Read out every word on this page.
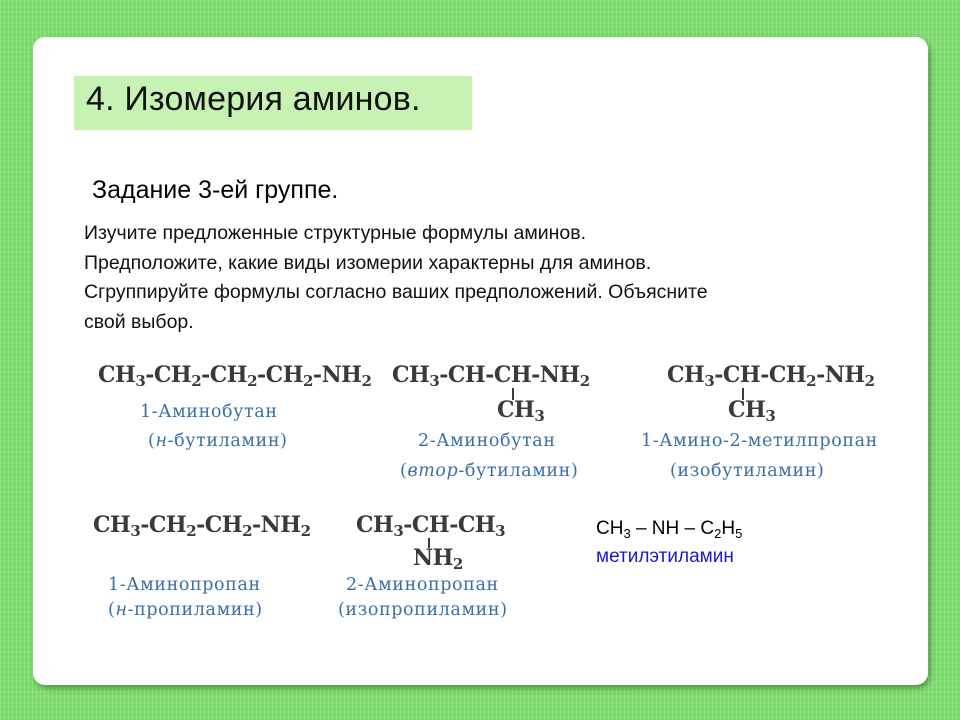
4. Изомерия аминов.
Задание 3-ей группе.
Изучите предложенные структурные формулы аминов.
Предположите, какие виды изомерии характерны для аминов.
Сгруппируйте формулы согласно ваших предположений. Объясните
свой выбор.
CH3-CH2-CH2-CH2-NH2
1-Аминобутан
(н-бутиламин)
CH3-CH-CH-NH2
CH3
2-Аминобутан
(втор-бутиламин)
CH3-CH-CH2-NH2
CH3
1-Амино-2-метилпропан
(изобутиламин)
CH3-CH2-CH2-NH2
1-Аминопропан
(н-пропиламин)
CH3-CH-CH3
NH2
2-Аминопропан
(изопропиламин)
$CH_3$ – NH – $C_2H_5$
метилэтиламин
